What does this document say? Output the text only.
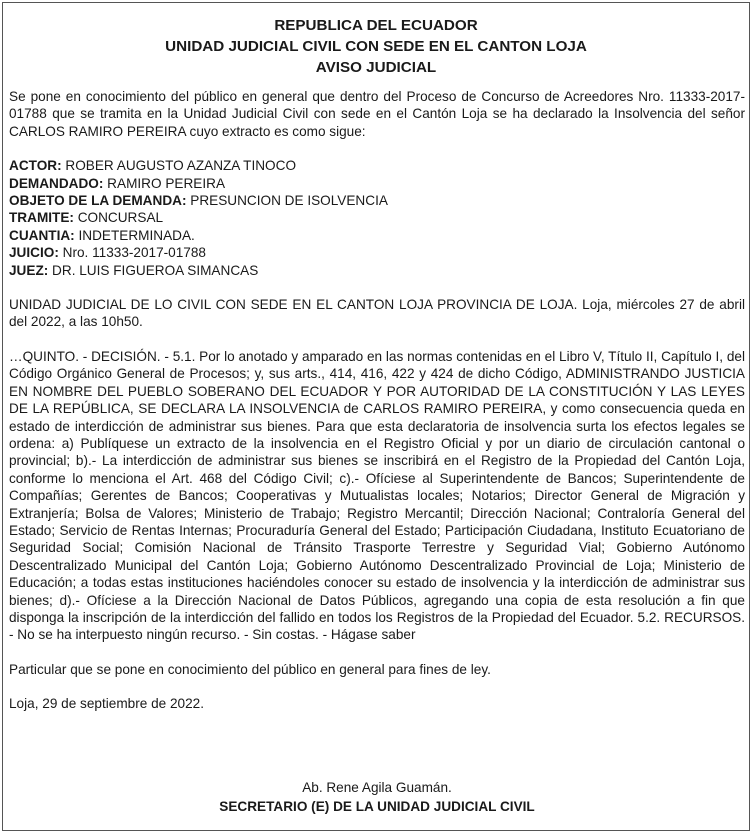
REPUBLICA DEL ECUADOR
UNIDAD JUDICIAL CIVIL CON SEDE EN EL CANTON LOJA
AVISO JUDICIAL

Se pone en conocimiento del público en general que dentro del Proceso de Concurso de Acreedores Nro. 11333-2017-01788 que se tramita en la Unidad Judicial Civil con sede en el Cantón Loja se ha declarado la Insolvencia del señor CARLOS RAMIRO PEREIRA cuyo extracto es como sigue:

ACTOR: ROBER AUGUSTO AZANZA TINOCO
DEMANDADO: RAMIRO PEREIRA
OBJETO DE LA DEMANDA: PRESUNCION DE ISOLVENCIA
TRAMITE: CONCURSAL
CUANTIA: INDETERMINADA.
JUICIO: Nro. 11333-2017-01788
JUEZ: DR. LUIS FIGUEROA SIMANCAS

UNIDAD JUDICIAL DE LO CIVIL CON SEDE EN EL CANTON LOJA PROVINCIA DE LOJA. Loja, miércoles 27 de abril del 2022, a las 10h50.

…QUINTO. - DECISIÓN. - 5.1. Por lo anotado y amparado en las normas contenidas en el Libro V, Título II, Capítulo I, del Código Orgánico General de Procesos; y, sus arts., 414, 416, 422 y 424 de dicho Código, ADMINISTRANDO JUSTICIA EN NOMBRE DEL PUEBLO SOBERANO DEL ECUADOR Y POR AUTORIDAD DE LA CONSTITUCIÓN Y LAS LEYES DE LA REPÚBLICA, SE DECLARA LA INSOLVENCIA de CARLOS RAMIRO PEREIRA, y como consecuencia queda en estado de interdicción de administrar sus bienes. Para que esta declaratoria de insolvencia surta los efectos legales se ordena: a) Publíquese un extracto de la insolvencia en el Registro Oficial y por un diario de circulación cantonal o provincial; b).- La interdicción de administrar sus bienes se inscribirá en el Registro de la Propiedad del Cantón Loja, conforme lo menciona el Art. 468 del Código Civil; c).- Ofíciese al Superintendente de Bancos; Superintendente de Compañías; Gerentes de Bancos; Cooperativas y Mutualistas locales; Notarios; Director General de Migración y Extranjería; Bolsa de Valores; Ministerio de Trabajo; Registro Mercantil; Dirección Nacional; Contraloría General del Estado; Servicio de Rentas Internas; Procuraduría General del Estado; Participación Ciudadana, Instituto Ecuatoriano de Seguridad Social; Comisión Nacional de Tránsito Trasporte Terrestre y Seguridad Vial; Gobierno Autónomo Descentralizado Municipal del Cantón Loja; Gobierno Autónomo Descentralizado Provincial de Loja; Ministerio de Educación; a todas estas instituciones haciéndoles conocer su estado de insolvencia y la interdicción de administrar sus bienes; d).- Ofíciese a la Dirección Nacional de Datos Públicos, agregando una copia de esta resolución a fin que disponga la inscripción de la interdicción del fallido en todos los Registros de la Propiedad del Ecuador. 5.2. RECURSOS. - No se ha interpuesto ningún recurso. - Sin costas. - Hágase saber

Particular que se pone en conocimiento del público en general para fines de ley.

Loja, 29 de septiembre de 2022.

Ab. Rene Agila Guamán.
SECRETARIO (E) DE LA UNIDAD JUDICIAL CIVIL
